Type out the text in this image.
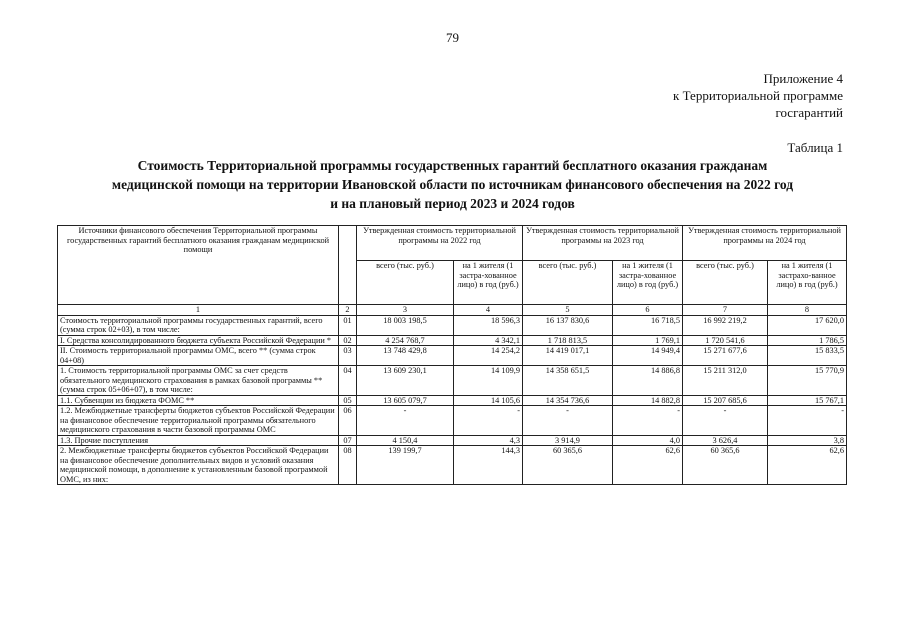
79
Приложение 4
к Территориальной программе
госгарантий
Таблица 1
Стоимость Территориальной программы государственных гарантий бесплатного оказания гражданам
медицинской помощи на территории Ивановской области по источникам финансового обеспечения на 2022 год
и на плановый период 2023 и 2024 годов
Источники финансового обеспечения Территориальной программы государственных гарантий бесплатного оказания гражданам медицинской помощи		Утвержденная стоимость территориальной программы на 2022 год		Утвержденная стоимость территориальной программы на 2023 год		Утвержденная стоимость территориальной программы на 2024 год	
		всего (тыс. руб.)	на 1 жителя (1 застра-хованное лицо) в год (руб.)	всего (тыс. руб.)	на 1 жителя (1 застра-хованное лицо) в год (руб.)	всего (тыс. руб.)	на 1 жителя (1 застрахо-ванное лицо) в год (руб.)
1	2	3	4	5	6	7	8
Стоимость территориальной программы государственных гарантий, всего (сумма строк 02+03), в том числе:	01	18 003 198,5	18 596,3	16 137 830,6	16 718,5	16 992 219,2	17 620,0
I. Средства консолидированного бюджета субъекта Российской Федерации *	02	4 254 768,7	4 342,1	1 718 813,5	1 769,1	1 720 541,6	1 786,5
II. Стоимость территориальной программы ОМС, всего ** (сумма строк 04+08)	03	13 748 429,8	14 254,2	14 419 017,1	14 949,4	15 271 677,6	15 833,5
1. Стоимость территориальной программы ОМС за счет средств обязательного медицинского страхования в рамках базовой программы ** (сумма строк 05+06+07), в том числе:	04	13 609 230,1	14 109,9	14 358 651,5	14 886,8	15 211 312,0	15 770,9
1.1. Субвенции из бюджета ФОМС **	05	13 605 079,7	14 105,6	14 354 736,6	14 882,8	15 207 685,6	15 767,1
1.2. Межбюджетные трансферты бюджетов субъектов Российской Федерации на финансовое обеспечение территориальной программы обязательного медицинского страхования в части базовой программы ОМС	06	-	-	-	-	-	-
1.3. Прочие поступления	07	4 150,4	4,3	3 914,9	4,0	3 626,4	3,8
2. Межбюджетные трансферты бюджетов субъектов Российской Федерации на финансовое обеспечение дополнительных видов и условий оказания медицинской помощи, в дополнение к установленным базовой программой ОМС, из них:	08	139 199,7	144,3	60 365,6	62,6	60 365,6	62,6
